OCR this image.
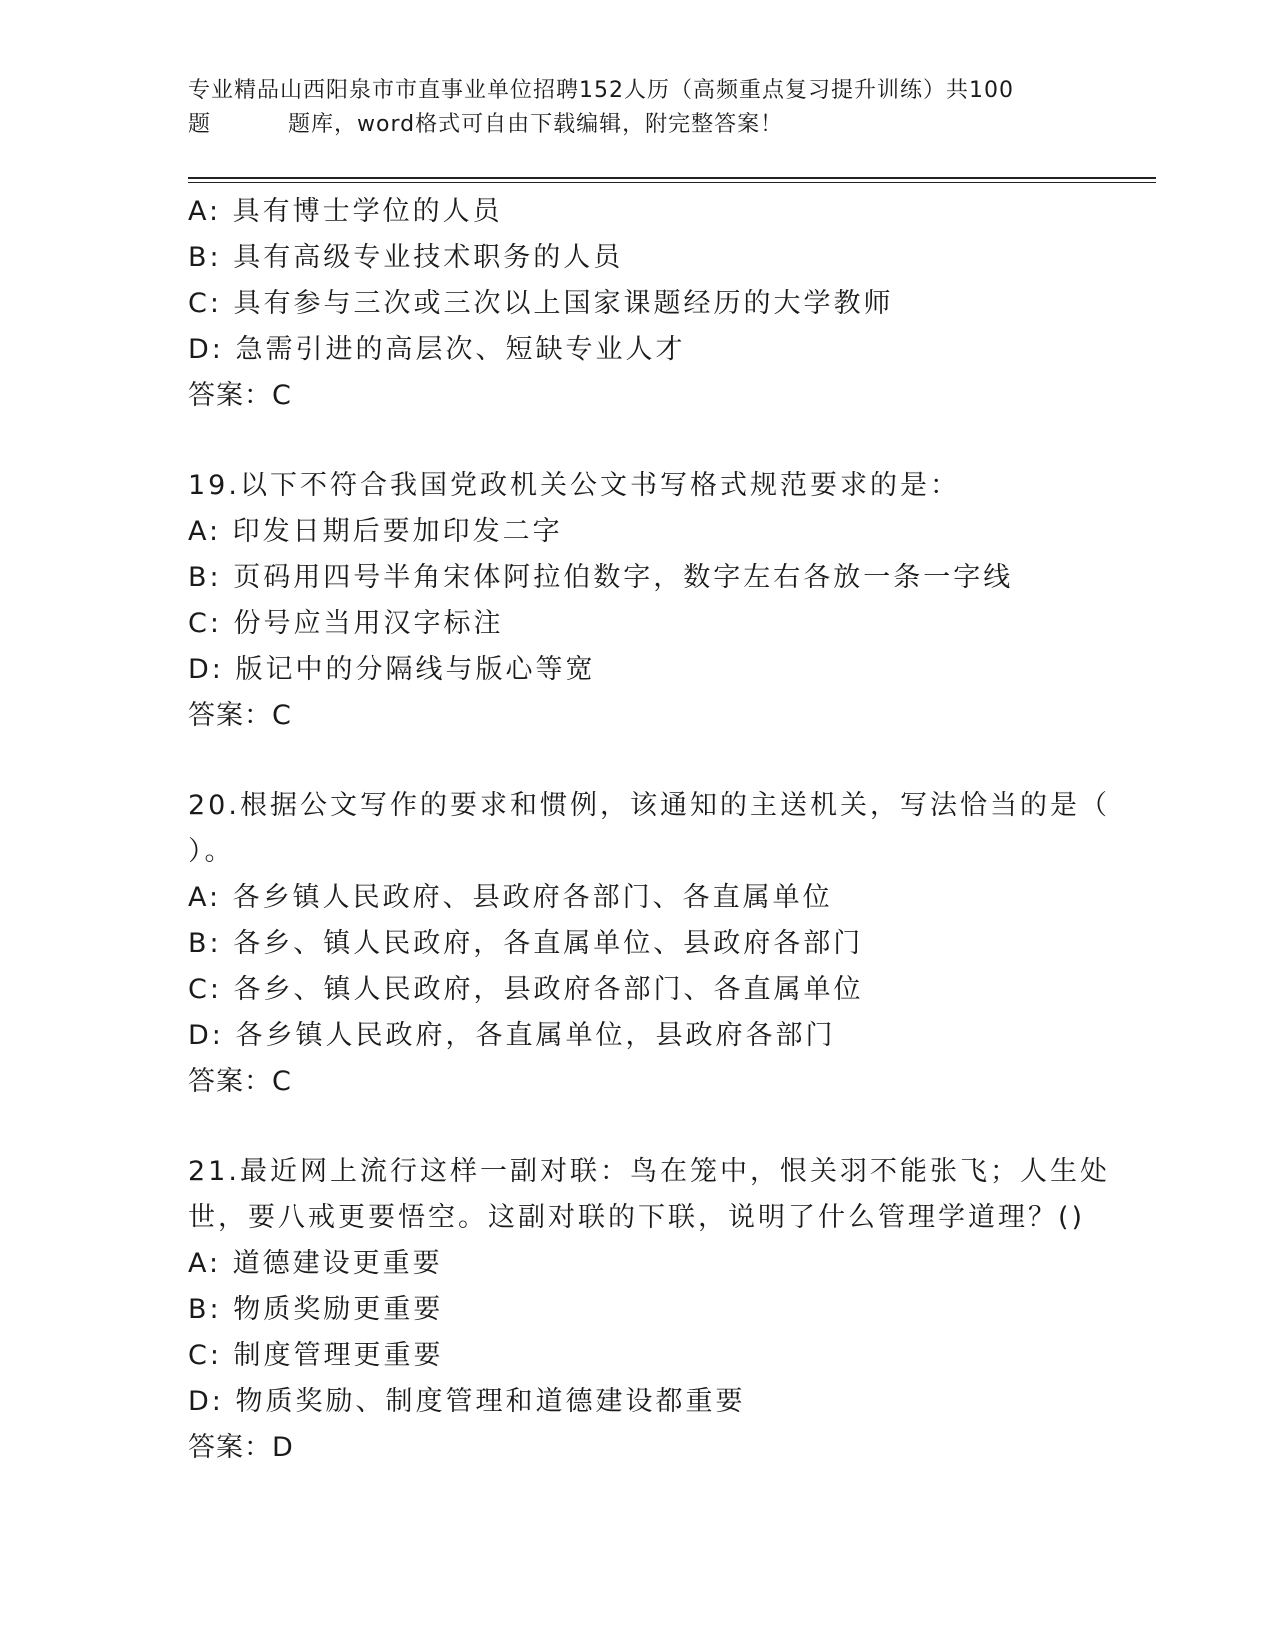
专业精品山西阳泉市市直事业单位招聘152人历（高频重点复习提升训练）共100
题	题库，word格式可自由下载编辑，附完整答案！
A: 具有博士学位的人员
B: 具有高级专业技术职务的人员
C: 具有参与三次或三次以上国家课题经历的大学教师
D: 急需引进的高层次、短缺专业人才
答案：C
19.以下不符合我国党政机关公文书写格式规范要求的是：
A: 印发日期后要加印发二字
B: 页码用四号半角宋体阿拉伯数字，数字左右各放一条一字线
C: 份号应当用汉字标注
D: 版记中的分隔线与版心等宽
答案：C
20.根据公文写作的要求和惯例，该通知的主送机关，写法恰当的是（
）。
A: 各乡镇人民政府、县政府各部门、各直属单位
B: 各乡、镇人民政府，各直属单位、县政府各部门
C: 各乡、镇人民政府，县政府各部门、各直属单位
D: 各乡镇人民政府，各直属单位，县政府各部门
答案：C
21.最近网上流行这样一副对联：鸟在笼中，恨关羽不能张飞；人生处
世，要八戒更要悟空。这副对联的下联，说明了什么管理学道理？()
A: 道德建设更重要
B: 物质奖励更重要
C: 制度管理更重要
D: 物质奖励、制度管理和道德建设都重要
答案：D
